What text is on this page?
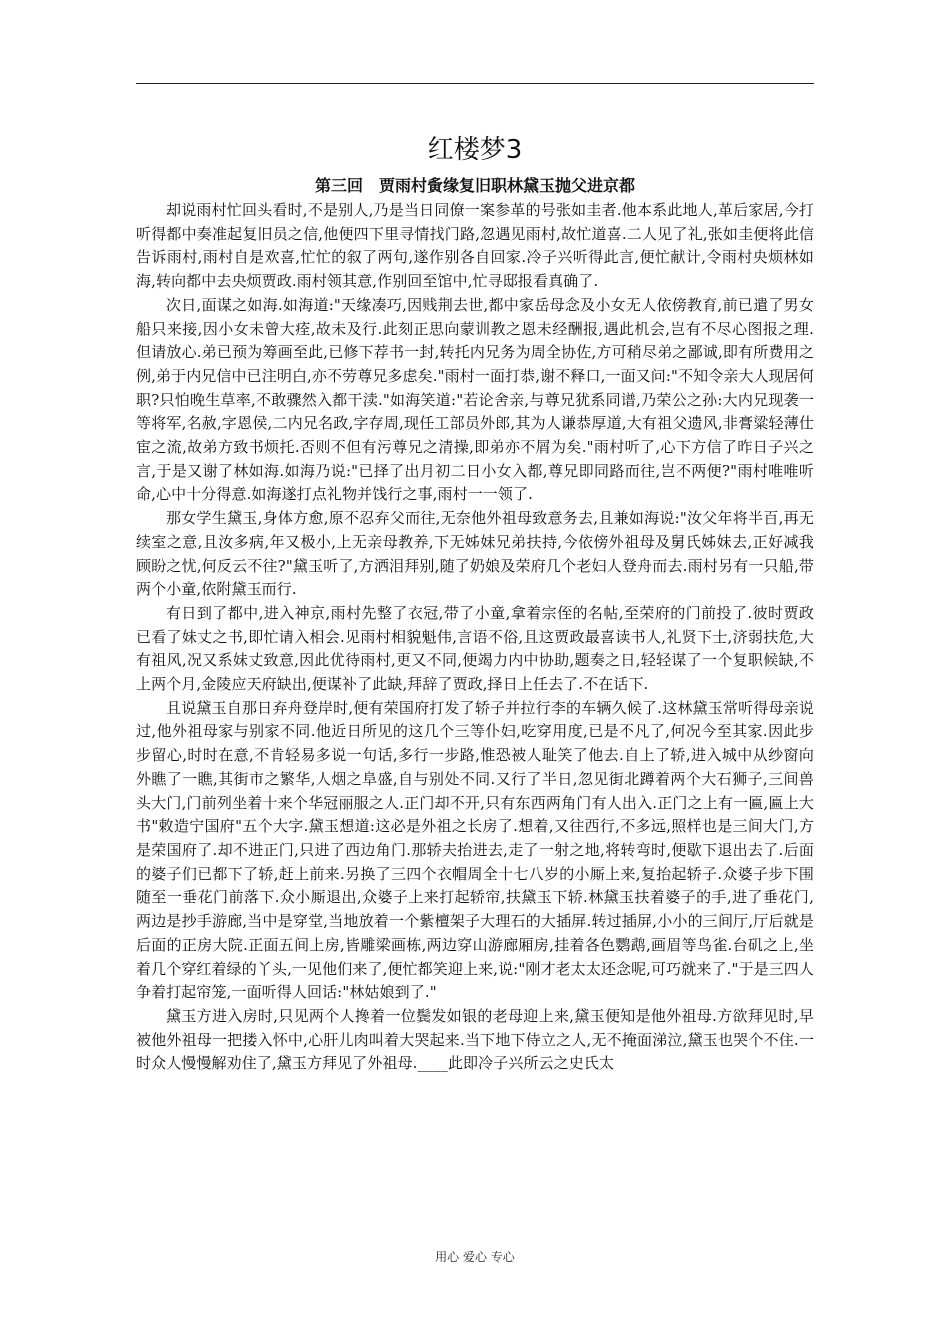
红楼梦3
第三回　贾雨村夤缘复旧职林黛玉抛父进京都

却说雨村忙回头看时,不是别人,乃是当日同僚一案参革的号张如圭者.他本系此地人,革后家居,今打听得都中奏准起复旧员之信,他便四下里寻情找门路,忽遇见雨村,故忙道喜.二人见了礼,张如圭便将此信告诉雨村,雨村自是欢喜,忙忙的叙了两句,遂作别各自回家.冷子兴听得此言,便忙献计,令雨村央烦林如海,转向都中去央烦贾政.雨村领其意,作别回至馆中,忙寻邸报看真确了.

次日,面谋之如海.如海道:"天缘凑巧,因贱荆去世,都中家岳母念及小女无人依傍教育,前已遣了男女船只来接,因小女未曾大痊,故未及行.此刻正思向蒙训教之恩未经酬报,遇此机会,岂有不尽心图报之理.但请放心.弟已预为筹画至此,已修下荐书一封,转托内兄务为周全协佐,方可稍尽弟之鄙诚,即有所费用之例,弟于内兄信中已注明白,亦不劳尊兄多虑矣."雨村一面打恭,谢不释口,一面又问:"不知令亲大人现居何职?只怕晚生草率,不敢骤然入都干渎."如海笑道:"若论舍亲,与尊兄犹系同谱,乃荣公之孙:大内兄现袭一等将军,名赦,字恩侯,二内兄名政,字存周,现任工部员外郎,其为人谦恭厚道,大有祖父遗风,非膏粱轻薄仕宦之流,故弟方致书烦托.否则不但有污尊兄之清操,即弟亦不屑为矣."雨村听了,心下方信了昨日子兴之言,于是又谢了林如海.如海乃说:"已择了出月初二日小女入都,尊兄即同路而往,岂不两便?"雨村唯唯听命,心中十分得意.如海遂打点礼物并饯行之事,雨村一一领了.

那女学生黛玉,身体方愈,原不忍弃父而往,无奈他外祖母致意务去,且兼如海说:"汝父年将半百,再无续室之意,且汝多病,年又极小,上无亲母教养,下无姊妹兄弟扶持,今依傍外祖母及舅氏姊妹去,正好减我顾盼之忧,何反云不往?"黛玉听了,方洒泪拜别,随了奶娘及荣府几个老妇人登舟而去.雨村另有一只船,带两个小童,依附黛玉而行.

有日到了都中,进入神京,雨村先整了衣冠,带了小童,拿着宗侄的名帖,至荣府的门前投了.彼时贾政已看了妹丈之书,即忙请入相会.见雨村相貌魁伟,言语不俗,且这贾政最喜读书人,礼贤下士,济弱扶危,大有祖风,况又系妹丈致意,因此优待雨村,更又不同,便竭力内中协助,题奏之日,轻轻谋了一个复职候缺,不上两个月,金陵应天府缺出,便谋补了此缺,拜辞了贾政,择日上任去了.不在话下.

且说黛玉自那日弃舟登岸时,便有荣国府打发了轿子并拉行李的车辆久候了.这林黛玉常听得母亲说过,他外祖母家与别家不同.他近日所见的这几个三等仆妇,吃穿用度,已是不凡了,何况今至其家.因此步步留心,时时在意,不肯轻易多说一句话,多行一步路,惟恐被人耻笑了他去.自上了轿,进入城中从纱窗向外瞧了一瞧,其街市之繁华,人烟之阜盛,自与别处不同.又行了半日,忽见街北蹲着两个大石狮子,三间兽头大门,门前列坐着十来个华冠丽服之人.正门却不开,只有东西两角门有人出入.正门之上有一匾,匾上大书"敕造宁国府"五个大字.黛玉想道:这必是外祖之长房了.想着,又往西行,不多远,照样也是三间大门,方是荣国府了.却不进正门,只进了西边角门.那轿夫抬进去,走了一射之地,将转弯时,便歇下退出去了.后面的婆子们已都下了轿,赶上前来.另换了三四个衣帽周全十七八岁的小厮上来,复抬起轿子.众婆子步下围随至一垂花门前落下.众小厮退出,众婆子上来打起轿帘,扶黛玉下轿.林黛玉扶着婆子的手,进了垂花门,两边是抄手游廊,当中是穿堂,当地放着一个紫檀架子大理石的大插屏.转过插屏,小小的三间厅,厅后就是后面的正房大院.正面五间上房,皆雕梁画栋,两边穿山游廊厢房,挂着各色鹦鹉,画眉等鸟雀.台矶之上,坐着几个穿红着绿的丫头,一见他们来了,便忙都笑迎上来,说:"刚才老太太还念呢,可巧就来了."于是三四人争着打起帘笼,一面听得人回话:"林姑娘到了."

黛玉方进入房时,只见两个人搀着一位鬓发如银的老母迎上来,黛玉便知是他外祖母.方欲拜见时,早被他外祖母一把搂入怀中,心肝儿肉叫着大哭起来.当下地下侍立之人,无不掩面涕泣,黛玉也哭个不住.一时众人慢慢解劝住了,黛玉方拜见了外祖母.____此即冷子兴所云之史氏太

用心 爱心 专心
